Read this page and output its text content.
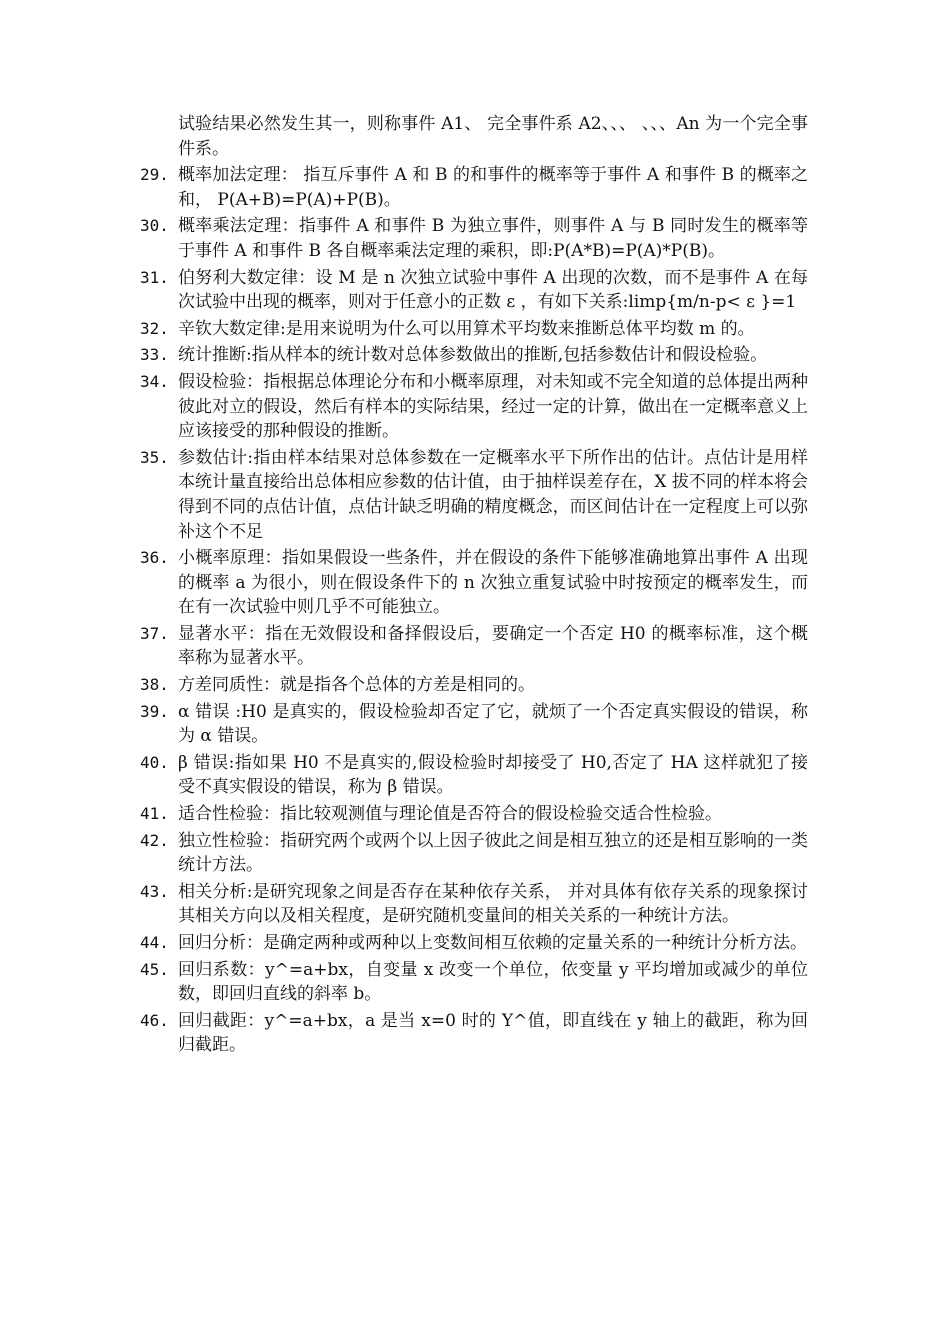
试验结果必然发生其一，则称事件 A1、 完全事件系 A2、、、 、、、An 为一个完全事件系。
29. 概率加法定理： 指互斥事件 A 和 B 的和事件的概率等于事件 A 和事件 B 的概率之和， P(A+B)=P(A)+P(B)。
30. 概率乘法定理：指事件 A 和事件 B 为独立事件，则事件 A 与 B 同时发生的概率等于事件 A 和事件 B 各自概率乘法定理的乘积，即:P(A*B)=P(A)*P(B)。
31. 伯努利大数定律：设 M 是 n 次独立试验中事件 A 出现的次数，而不是事件 A 在每次试验中出现的概率，则对于任意小的正数 ε ，有如下关系:limp{m/n-p< ε }=1
32. 辛钦大数定律:是用来说明为什么可以用算术平均数来推断总体平均数 m 的。
33. 统计推断:指从样本的统计数对总体参数做出的推断,包括参数估计和假设检验。
34. 假设检验：指根据总体理论分布和小概率原理，对未知或不完全知道的总体提出两种彼此对立的假设，然后有样本的实际结果，经过一定的计算，做出在一定概率意义上应该接受的那种假设的推断。
35. 参数估计:指由样本结果对总体参数在一定概率水平下所作出的估计。点估计是用样本统计量直接给出总体相应参数的估计值，由于抽样误差存在，X 拔不同的样本将会得到不同的点估计值，点估计缺乏明确的精度概念，而区间估计在一定程度上可以弥补这个不足
36. 小概率原理：指如果假设一些条件，并在假设的条件下能够准确地算出事件 A 出现的概率 a 为很小，则在假设条件下的 n 次独立重复试验中时按预定的概率发生，而在有一次试验中则几乎不可能独立。
37. 显著水平：指在无效假设和备择假设后，要确定一个否定 H0 的概率标准，这个概率称为显著水平。
38. 方差同质性：就是指各个总体的方差是相同的。
39. α 错误 :H0 是真实的，假设检验却否定了它，就烦了一个否定真实假设的错误，称为 α 错误。
40. β 错误:指如果 H0 不是真实的,假设检验时却接受了 H0,否定了 HA 这样就犯了接受不真实假设的错误，称为 β 错误。
41. 适合性检验：指比较观测值与理论值是否符合的假设检验交适合性检验。
42. 独立性检验：指研究两个或两个以上因子彼此之间是相互独立的还是相互影响的一类统计方法。
43. 相关分析:是研究现象之间是否存在某种依存关系， 并对具体有依存关系的现象探讨其相关方向以及相关程度，是研究随机变量间的相关关系的一种统计方法。
44. 回归分析：是确定两种或两种以上变数间相互依赖的定量关系的一种统计分析方法。
45. 回归系数：y^=a+bx，自变量 x 改变一个单位，依变量 y 平均增加或减少的单位数，即回归直线的斜率 b。
46. 回归截距：y^=a+bx，a 是当 x=0 时的 Y^值，即直线在 y 轴上的截距，称为回归截距。
